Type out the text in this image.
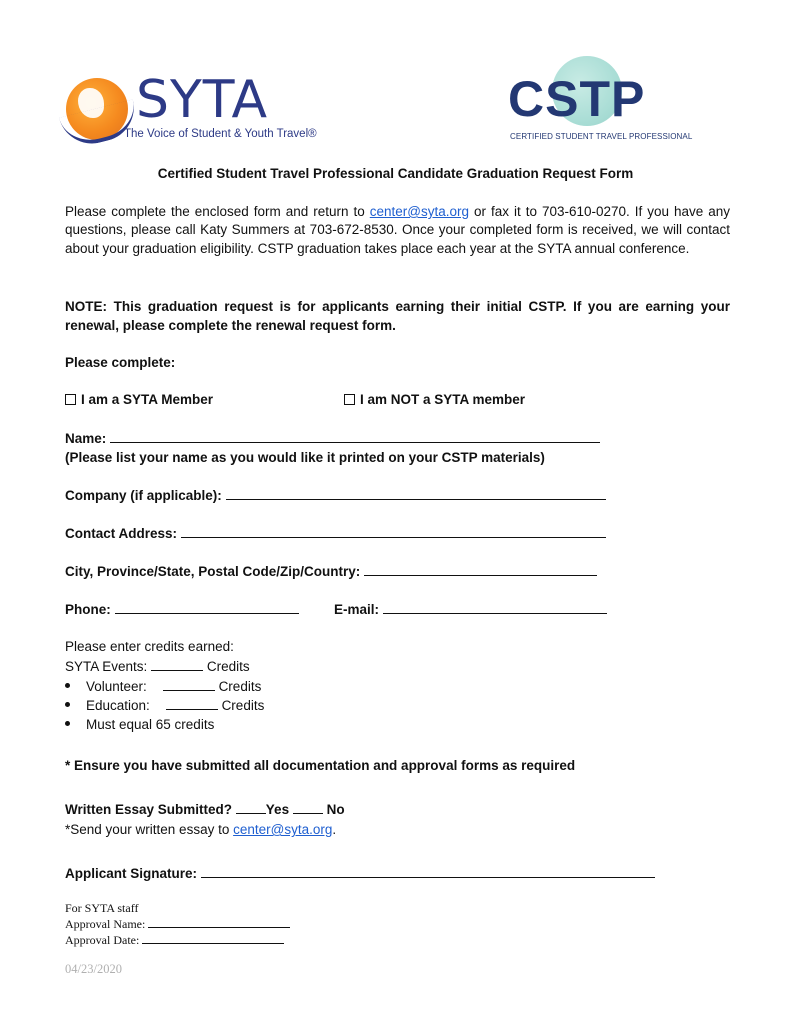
SYTA
The Voice of Student & Youth Travel®
CSTP
CERTIFIED STUDENT TRAVEL PROFESSIONAL
Certified Student Travel Professional Candidate Graduation Request Form
Please complete the enclosed form and return to center@syta.org or fax it to 703-610-0270. If you have any questions, please call Katy Summers at 703-672-8530. Once your completed form is received, we will contact about your graduation eligibility. CSTP graduation takes place each year at the SYTA annual conference.
NOTE: This graduation request is for applicants earning their initial CSTP. If you are earning your renewal, please complete the renewal request form.
Please complete:
I am a SYTA Member	I am NOT a SYTA member
Name:
(Please list your name as you would like it printed on your CSTP materials)
Company (if applicable):
Contact Address:
City, Province/State, Postal Code/Zip/Country:
Phone:	E-mail:
Please enter credits earned:
SYTA Events:	Credits
Volunteer:	Credits
Education:	Credits
Must equal 65 credits
* Ensure you have submitted all documentation and approval forms as required
Written Essay Submitted?	Yes	No
*Send your written essay to center@syta.org.
Applicant Signature:
For SYTA staff
Approval Name:
Approval Date:
04/23/2020
